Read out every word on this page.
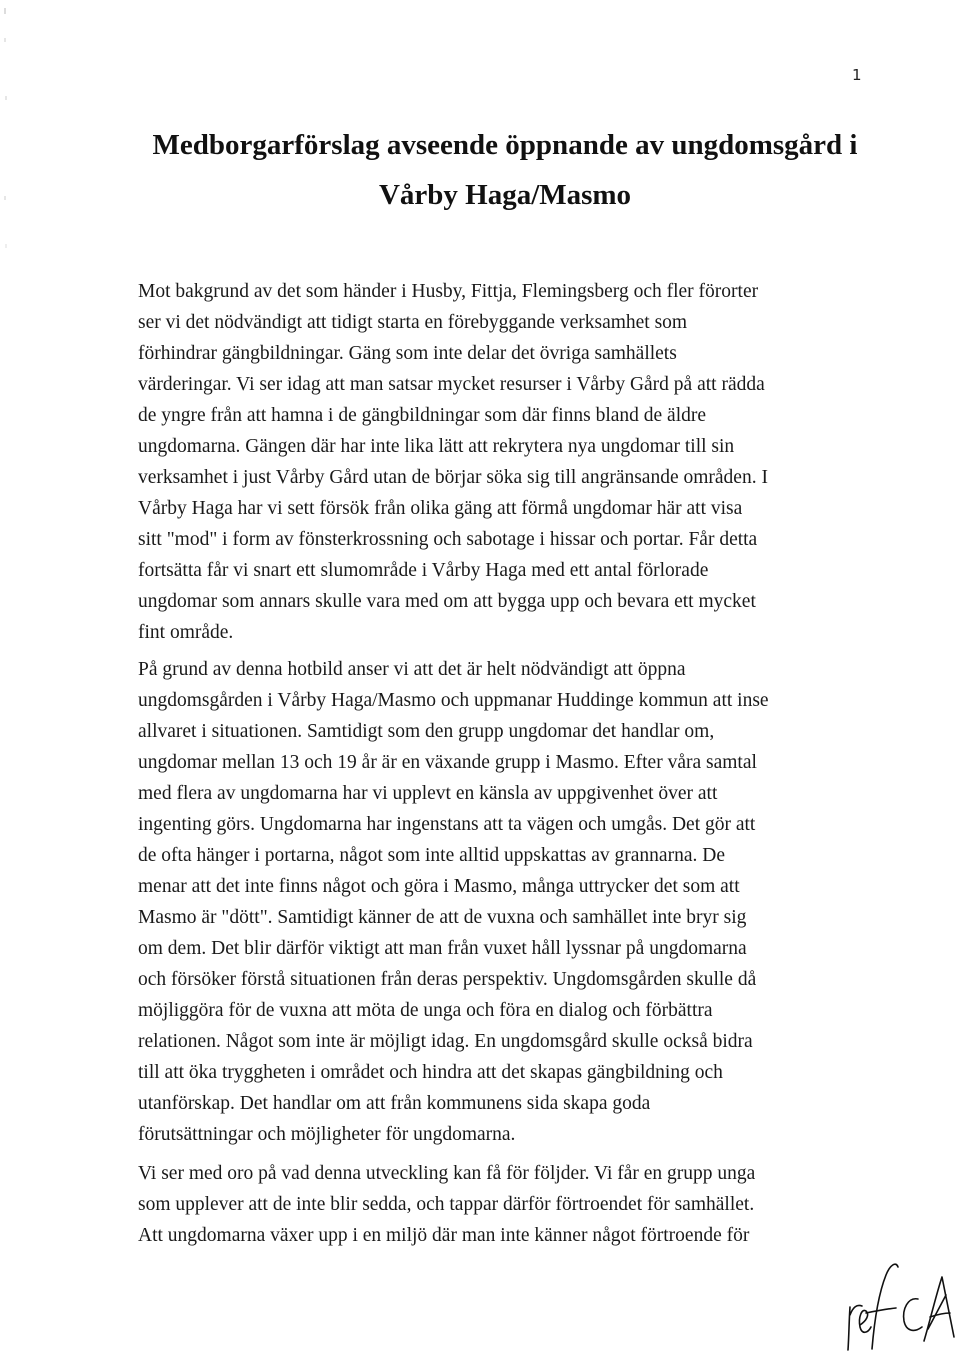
1
Medborgarförslag avseende öppnande av ungdomsgård i
Vårby Haga/Masmo

Mot bakgrund av det som händer i Husby, Fittja, Flemingsberg och fler förorter
ser vi det nödvändigt att tidigt starta en förebyggande verksamhet som
förhindrar gängbildningar. Gäng som inte delar det övriga samhällets
värderingar. Vi ser idag att man satsar mycket resurser i Vårby Gård på att rädda
de yngre från att hamna i de gängbildningar som där finns bland de äldre
ungdomarna. Gängen där har inte lika lätt att rekrytera nya ungdomar till sin
verksamhet i just Vårby Gård utan de börjar söka sig till angränsande områden. I
Vårby Haga har vi sett försök från olika gäng att förmå ungdomar här att visa
sitt "mod" i form av fönsterkrossning och sabotage i hissar och portar. Får detta
fortsätta får vi snart ett slumområde i Vårby Haga med ett antal förlorade
ungdomar som annars skulle vara med om att bygga upp och bevara ett mycket
fint område.

På grund av denna hotbild anser vi att det är helt nödvändigt att öppna
ungdomsgården i Vårby Haga/Masmo och uppmanar Huddinge kommun att inse
allvaret i situationen. Samtidigt som den grupp ungdomar det handlar om,
ungdomar mellan 13 och 19 år är en växande grupp i Masmo. Efter våra samtal
med flera av ungdomarna har vi upplevt en känsla av uppgivenhet över att
ingenting görs. Ungdomarna har ingenstans att ta vägen och umgås. Det gör att
de ofta hänger i portarna, något som inte alltid uppskattas av grannarna. De
menar att det inte finns något och göra i Masmo, många uttrycker det som att
Masmo är "dött". Samtidigt känner de att de vuxna och samhället inte bryr sig
om dem. Det blir därför viktigt att man från vuxet håll lyssnar på ungdomarna
och försöker förstå situationen från deras perspektiv. Ungdomsgården skulle då
möjliggöra för de vuxna att möta de unga och föra en dialog och förbättra
relationen. Något som inte är möjligt idag. En ungdomsgård skulle också bidra
till att öka tryggheten i området och hindra att det skapas gängbildning och
utanförskap. Det handlar om att från kommunens sida skapa goda
förutsättningar och möjligheter för ungdomarna.

Vi ser med oro på vad denna utveckling kan få för följder. Vi får en grupp unga
som upplever att de inte blir sedda, och tappar därför förtroendet för samhället.
Att ungdomarna växer upp i en miljö där man inte känner något förtroende för
